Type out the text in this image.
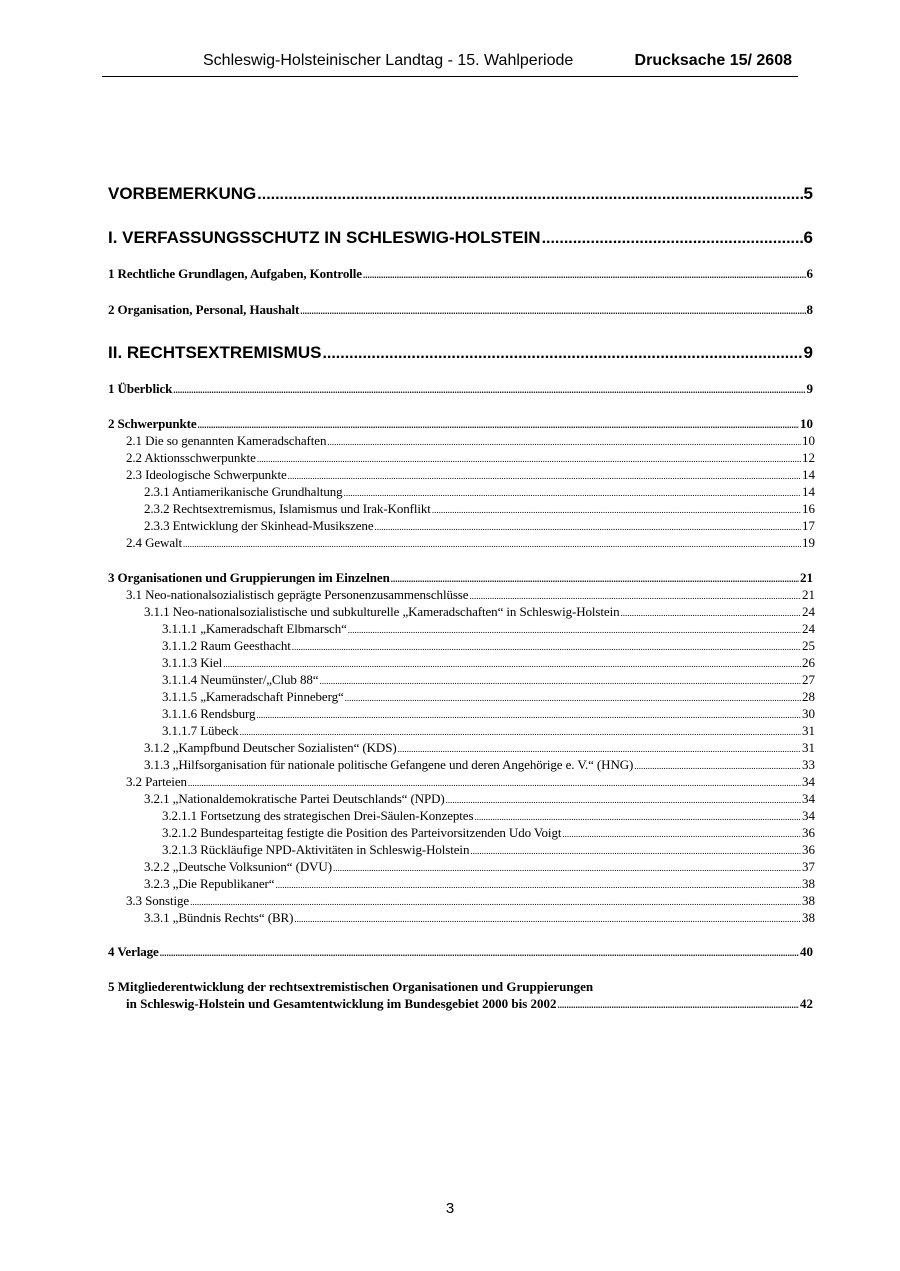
Schleswig-Holsteinischer Landtag - 15. Wahlperiode	Drucksache 15/ 2608
VORBEMERKUNG .....	5
I. VERFASSUNGSSCHUTZ IN SCHLESWIG-HOLSTEIN .....	6
1 Rechtliche Grundlagen, Aufgaben, Kontrolle .....	6
2 Organisation, Personal, Haushalt .....	8
II. RECHTSEXTREMISMUS .....	9
1 Überblick .....	9
2 Schwerpunkte .....	10
2.1 Die so genannten Kameradschaften .....	10
2.2 Aktionsschwerpunkte .....	12
2.3 Ideologische Schwerpunkte .....	14
2.3.1 Antiamerikanische Grundhaltung .....	14
2.3.2 Rechtsextremismus, Islamismus und Irak-Konflikt .....	16
2.3.3 Entwicklung der Skinhead-Musikszene .....	17
2.4 Gewalt .....	19
3 Organisationen und Gruppierungen im Einzelnen .....	21
3.1 Neo-nationalsozialistisch geprägte Personenzusammenschlüsse .....	21
3.1.1 Neo-nationalsozialistische und subkulturelle „Kameradschaften“ in Schleswig-Holstein .....	24
3.1.1.1 „Kameradschaft Elbmarsch“ .....	24
3.1.1.2 Raum Geesthacht .....	25
3.1.1.3 Kiel .....	26
3.1.1.4 Neumünster/„Club 88“ .....	27
3.1.1.5 „Kameradschaft Pinneberg“ .....	28
3.1.1.6 Rendsburg .....	30
3.1.1.7 Lübeck .....	31
3.1.2 „Kampfbund Deutscher Sozialisten“ (KDS) .....	31
3.1.3 „Hilfsorganisation für nationale politische Gefangene und deren Angehörige e. V.“ (HNG) .....	33
3.2 Parteien .....	34
3.2.1 „Nationaldemokratische Partei Deutschlands“ (NPD) .....	34
3.2.1.1 Fortsetzung des strategischen Drei-Säulen-Konzeptes .....	34
3.2.1.2 Bundesparteitag festigte die Position des Parteivorsitzenden Udo Voigt .....	36
3.2.1.3 Rückläufige NPD-Aktivitäten in Schleswig-Holstein .....	36
3.2.2 „Deutsche Volksunion“ (DVU) .....	37
3.2.3 „Die Republikaner“ .....	38
3.3 Sonstige .....	38
3.3.1 „Bündnis Rechts“ (BR) .....	38
4 Verlage .....	40
5 Mitgliederentwicklung der rechtsextremistischen Organisationen und Gruppierungen
in Schleswig-Holstein und Gesamtentwicklung im Bundesgebiet 2000 bis 2002 .....	42
3
